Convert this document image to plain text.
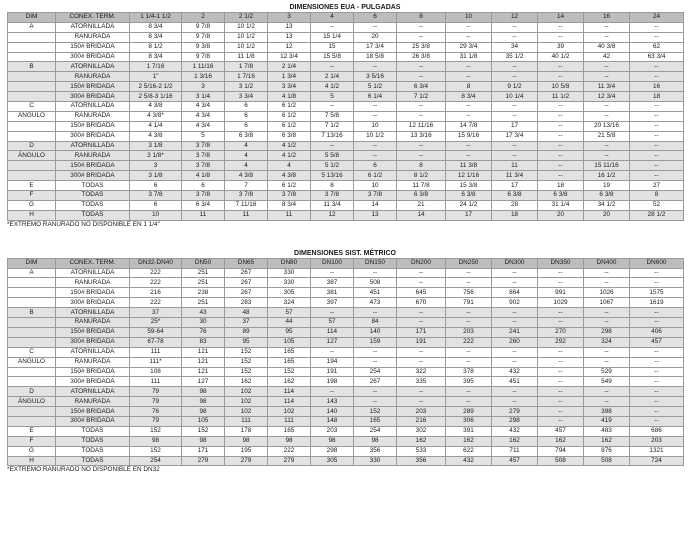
DIMENSIONES EUA - PULGADAS
DIM	CONEX. TERM.	1 1/4-1 1/2	2	2 1/2	3	4	6	8	10	12	14	16	24
A	ATORNILLADA	8 3/4	9 7/8	10 1/2	13	--	--	--	--	--	--	--	--
	RANURADA	8 3/4	9 7/8	10 1/2	13	15 1/4	20	--	--	--	--	--	--
	150# BRIDADA	8 1/2	9 3/8	10 1/2	12	15	17 3/4	25 3/8	29 3/4	34	39	40 3/8	62
	300# BRIDADA	8 3/4	9 7/8	11 1/8	12 3/4	15 5/8	18 5/8	26 3/8	31 1/8	35 1/2	40 1/2	42	63 3/4
B	ATORNILLADA	1 7/16	1 11/16	1 7/8	2 1/4	--	--	--	--	--	--	--	--
	RANURADA	1"	1 3/16	1 7/16	1 3/4	2 1/4	3 5/16	--	--	--	--	--	--
	150# BRIDADA	2 5/16-2 1/2	3	3 1/2	3 3/4	4 1/2	5 1/2	6 3/4	8	9 1/2	10 5/8	11 3/4	16
	300# BRIDADA	2 5/8-3 1/16	3 1/4	3 3/4	4 1/8	5	6 1/4	7 1/2	8 3/4	10 1/4	11 1/2	12 3/4	18
C	ATORNILLADA	4 3/8	4 3/4	6	6 1/2	--	--	--	--	--	--	--	--
ÁNGULO	RANURADA	4 3/8*	4 3/4	6	6 1/2	7 5/8	--	--	--	--	--	--	--
	150# BRIDADA	4 1/4	4 3/4	6	6 1/2	7 1/2	10	12 11/16	14 7/8	17	--	20 13/16	--
	300# BRIDADA	4 3/8	5	6 3/8	6 3/8	7 13/16	10 1/2	13 3/16	15 9/16	17 3/4	--	21 5/8	--
D	ATORNILLADA	3 1/8	3 7/8	4	4 1/2	--	--	--	--	--	--	--	--
ÁNGULO	RANURADA	3 1/8*	3 7/8	4	4 1/2	5 5/8	--	--	--	--	--	--	--
	150# BRIDADA	3	3 7/8	4	4	5 1/2	6	8	11 3/8	11	--	15 11/16	--
	300# BRIDADA	3 1/8	4 1/8	4 3/8	4 3/8	5 13/16	6 1/2	8 1/2	12 1/16	11 3/4	--	16 1/2	--
E	TODAS	6	6	7	6 1/2	8	10	11 7/8	15 3/8	17	18	19	27
F	TODAS	3 7/8	3 7/8	3 7/8	3 7/8	3 7/8	3 7/8	6 3/8	6 3/8	6 3/8	6 3/8	6 3/8	8
G	TODAS	6	6 3/4	7 11/16	8 3/4	11 3/4	14	21	24 1/2	28	31 1/4	34 1/2	52
H	TODAS	10	11	11	11	12	13	14	17	18	20	20	28 1/2
*EXTREMO RANURADO NO DISPONIBLE EN 1 1/4"
DIMENSIONES SIST. MÉTRICO
DIM	CONEX. TERM.	DN32-DN40	DN50	DN65	DN80	DN100	DN150	DN200	DN250	DN300	DN350	DN400	DN600
A	ATORNILLADA	222	251	267	330	--	--	--	--	--	--	--	--
	RANURADA	222	251	267	330	387	508	--	--	--	--	--	--
	150# BRIDADA	216	238	267	305	381	451	645	756	864	991	1026	1575
	300# BRIDADA	222	251	283	324	397	473	670	791	902	1029	1067	1619
B	ATORNILLADA	37	43	48	57	--	--	--	--	--	--	--	--
	RANURADA	25*	30	37	44	57	84	--	--	--	--	--	--
	150# BRIDADA	59-64	76	89	95	114	140	171	203	241	270	298	406
	300# BRIDADA	67-78	83	95	105	127	159	191	222	260	292	324	457
C	ATORNILLADA	111	121	152	165	--	--	--	--	--	--	--	--
ÁNGULO	RANURADA	111*	121	152	165	194	--	--	--	--	--	--	--
	150# BRIDADA	108	121	152	152	191	254	322	378	432	--	529	--
	300# BRIDADA	111	127	162	162	198	267	335	395	451	--	549	--
D	ATORNILLADA	79	98	102	114	--	--	--	--	--	--	--	--
ÁNGULO	RANURADA	79	98	102	114	143	--	--	--	--	--	--	--
	150# BRIDADA	76	98	102	102	140	152	203	289	279	--	398	--
	300# BRIDADA	79	105	111	111	148	165	216	306	298	--	419	--
E	TODAS	152	152	178	165	203	254	302	391	432	457	483	686
F	TODAS	98	98	98	98	98	98	162	162	162	162	162	203
G	TODAS	152	171	195	222	298	356	533	622	711	794	876	1321
H	TODAS	254	279	279	279	305	330	356	432	457	508	508	724
*EXTREMO RANURADO NO DISPONIBLE EN DN32
